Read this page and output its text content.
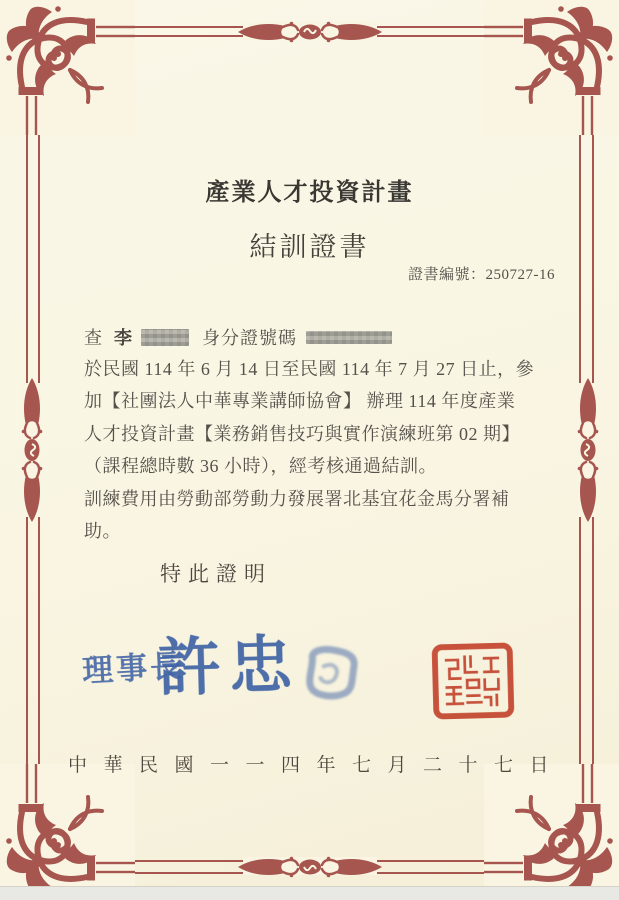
產業人才投資計畫
結訓證書
證書編號：250727-16
查 李	身分證號碼
於民國 114 年 6 月 14 日至民國 114 年 7 月 27 日止，參
加【社團法人中華專業講師協會】 辦理 114 年度產業
人才投資計畫【業務銷售技巧與實作演練班第 02 期】
（課程總時數 36 小時），經考核通過結訓。
訓練費用由勞動部勞動力發展署北基宜花金馬分署補
助。
特此證明
理事長
許忠
中華民國一一四年七月二十七日
